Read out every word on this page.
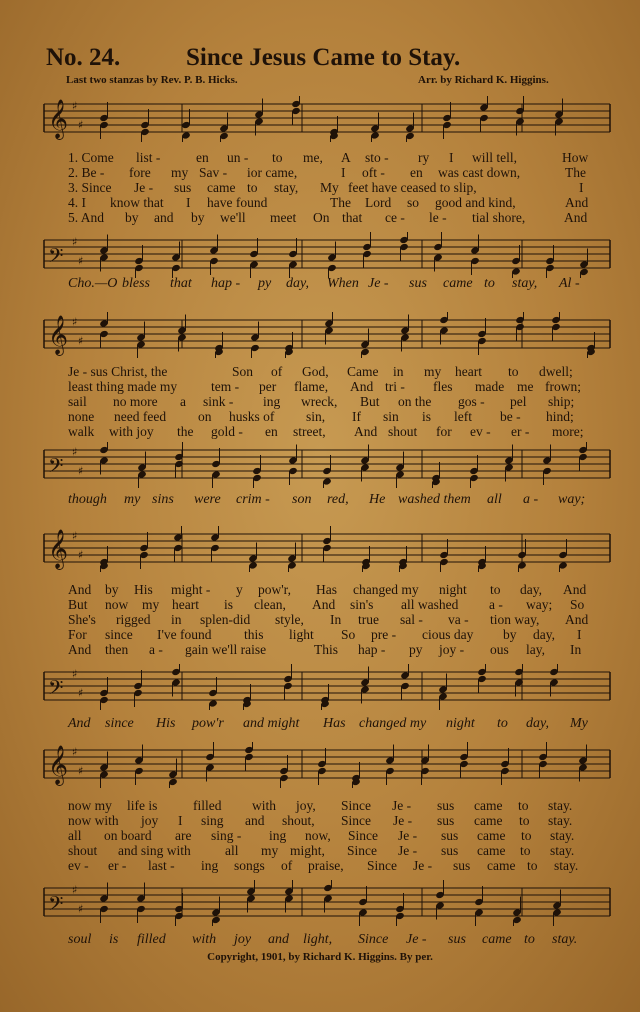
No. 24.	Since Jesus Came to Stay.
Last two stanzas by Rev. P. B. Hicks.	Arr. by Richard K. Higgins.
𝄞 ♯
♯
𝄢
♯
♯
𝄞 ♯
♯
𝄢
♯
♯
𝄞 ♯
♯
𝄢
♯
♯
𝄞 ♯
♯
𝄢
♯
♯
1. Come list -	en un - to me, A sto - ry I will tell,	How
2. Be - fore my Sav - ior came,	I oft - en was cast down,	The
3. Since Je - sus came to stay, My feet have ceased to slip,	I
4. I know that I have found	The Lord so good and kind,	And
5. And by and by we'll meet On that ce - le - tial shore,	And
Cho.—O bless that hap - py day, When Je - sus came to stay, Al -
Je - sus Christ, the	Son of God, Came in my heart to dwell;
least thing made my	tem - per flame, And tri - fles made me frown;
sail no more a sink - ing wreck, But on the gos - pel ship;
none need feed on husks of sin, If sin is left be - hind;
walk with joy the gold - en street, And shout for ev - er - more;
though my sins were crim - son red, He washed them all a - way;
And by His might - y pow'r, Has changed my night to day, And
But now my heart is clean, And sin's all washed a - way; So
She's rigged in splen-did style, In true sal - va - tion way, And
For since I've found this light So pre - cious day by day, I
And then a - gain we'll raise	This hap - py joy - ous lay, In
And since His pow'r and might Has changed my night to day, My
now my life is	filled with joy, Since Je - sus came to stay.
now with joy I sing and shout, Since Je - sus came to stay.
all on board are sing - ing now, Since Je - sus came to stay.
shout and sing with	all my might, Since Je - sus came to stay.
ev - er - last - ing songs of praise, Since Je - sus came to stay.
soul is filled with joy and light, Since Je - sus came to stay.
Copyright, 1901, by Richard K. Higgins. By per.
